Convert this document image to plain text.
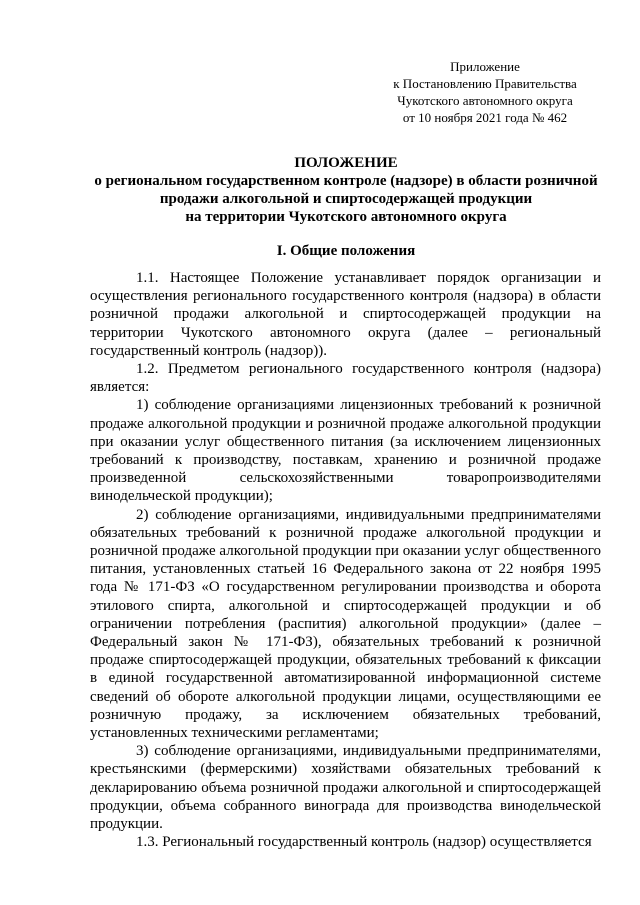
Приложение
к Постановлению Правительства
Чукотского автономного округа
от 10 ноября 2021 года № 462
ПОЛОЖЕНИЕ
о региональном государственном контроле (надзоре) в области розничной
продажи алкогольной и спиртосодержащей продукции
на территории Чукотского автономного округа
I. Общие положения

1.1. Настоящее Положение устанавливает порядок организации и осуществления регионального государственного контроля (надзора) в области розничной продажи алкогольной и спиртосодержащей продукции на территории Чукотского автономного округа (далее – региональный государственный контроль (надзор)).

1.2. Предметом регионального государственного контроля (надзора) является:

1) соблюдение организациями лицензионных требований к розничной продаже алкогольной продукции и розничной продаже алкогольной продукции при оказании услуг общественного питания (за исключением лицензионных требований к производству, поставкам, хранению и розничной продаже произведенной сельскохозяйственными товаропроизводителями винодельческой продукции);

2) соблюдение организациями, индивидуальными предпринимателями обязательных требований к розничной продаже алкогольной продукции и розничной продаже алкогольной продукции при оказании услуг общественного питания, установленных статьей 16 Федерального закона от 22 ноября 1995 года № 171-ФЗ «О государственном регулировании производства и оборота этилового спирта, алкогольной и спиртосодержащей продукции и об ограничении потребления (распития) алкогольной продукции» (далее – Федеральный закон № 171-ФЗ), обязательных требований к розничной продаже спиртосодержащей продукции, обязательных требований к фиксации в единой государственной автоматизированной информационной системе сведений об обороте алкогольной продукции лицами, осуществляющими ее розничную продажу, за исключением обязательных требований, установленных техническими регламентами;

3) соблюдение организациями, индивидуальными предпринимателями, крестьянскими (фермерскими) хозяйствами обязательных требований к декларированию объема розничной продажи алкогольной и спиртосодержащей продукции, объема собранного винограда для производства винодельческой продукции.

1.3. Региональный государственный контроль (надзор) осуществляется
